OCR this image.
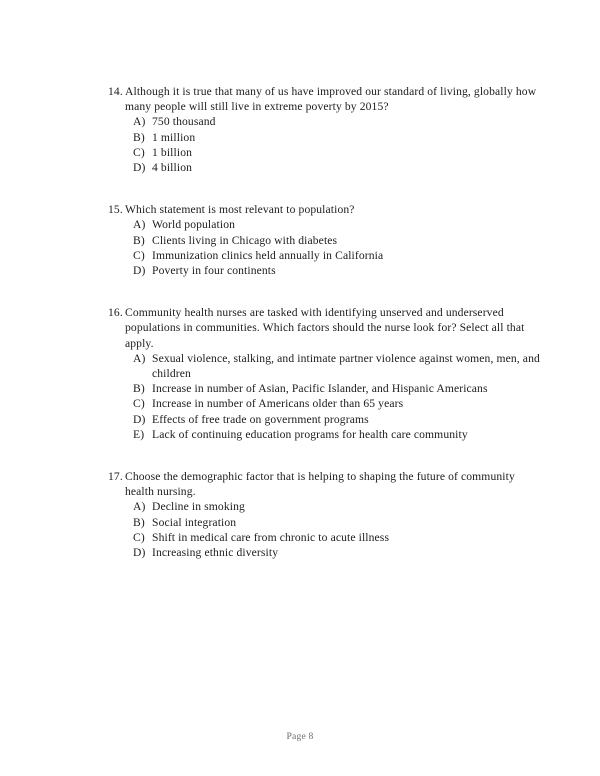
14. Although it is true that many of us have improved our standard of living, globally how many people will still live in extreme poverty by 2015?
A) 750 thousand
B) 1 million
C) 1 billion
D) 4 billion
15. Which statement is most relevant to population?
A) World population
B) Clients living in Chicago with diabetes
C) Immunization clinics held annually in California
D) Poverty in four continents
16. Community health nurses are tasked with identifying unserved and underserved populations in communities. Which factors should the nurse look for? Select all that apply.
A) Sexual violence, stalking, and intimate partner violence against women, men, and children
B) Increase in number of Asian, Pacific Islander, and Hispanic Americans
C) Increase in number of Americans older than 65 years
D) Effects of free trade on government programs
E) Lack of continuing education programs for health care community
17. Choose the demographic factor that is helping to shaping the future of community health nursing.
A) Decline in smoking
B) Social integration
C) Shift in medical care from chronic to acute illness
D) Increasing ethnic diversity
Page 8
